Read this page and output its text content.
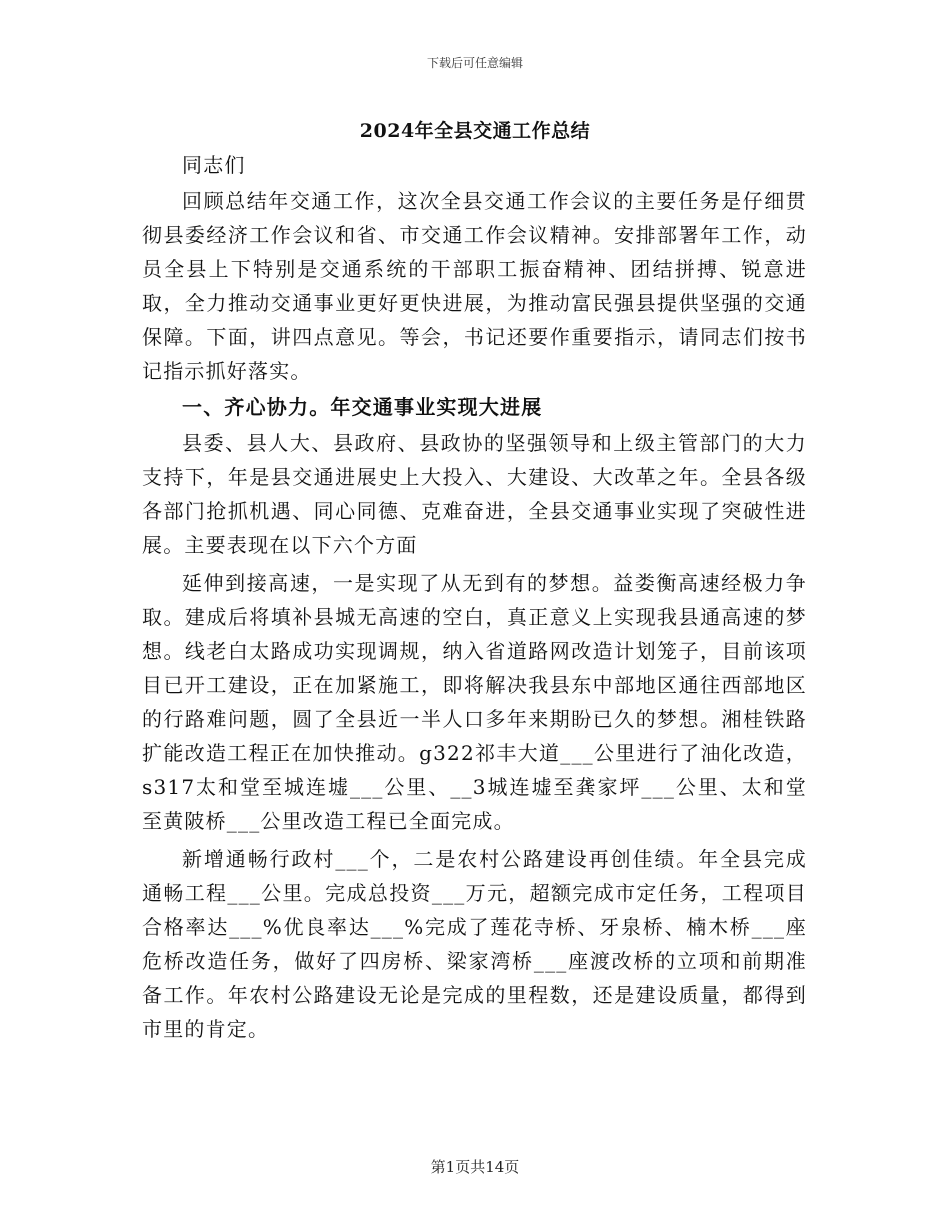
下载后可任意编辑
2024年全县交通工作总结

同志们

回顾总结年交通工作，这次全县交通工作会议的主要任务是仔细贯彻县委经济工作会议和省、市交通工作会议精神。安排部署年工作，动员全县上下特别是交通系统的干部职工振奋精神、团结拼搏、锐意进取，全力推动交通事业更好更快进展，为推动富民强县提供坚强的交通保障。下面，讲四点意见。等会，书记还要作重要指示，请同志们按书记指示抓好落实。

一、齐心协力。年交通事业实现大进展

县委、县人大、县政府、县政协的坚强领导和上级主管部门的大力支持下，年是县交通进展史上大投入、大建设、大改革之年。全县各级各部门抢抓机遇、同心同德、克难奋进，全县交通事业实现了突破性进展。主要表现在以下六个方面

延伸到接高速，一是实现了从无到有的梦想。益娄衡高速经极力争取。建成后将填补县城无高速的空白，真正意义上实现我县通高速的梦想。线老白太路成功实现调规，纳入省道路网改造计划笼子，目前该项目已开工建设，正在加紧施工，即将解决我县东中部地区通往西部地区的行路难问题，圆了全县近一半人口多年来期盼已久的梦想。湘桂铁路扩能改造工程正在加快推动。g322祁丰大道___公里进行了油化改造，s317太和堂至城连墟___公里、__3城连墟至龚家坪___公里、太和堂至黄陂桥___公里改造工程已全面完成。

新增通畅行政村___个，二是农村公路建设再创佳绩。年全县完成通畅工程___公里。完成总投资___万元，超额完成市定任务，工程项目合格率达___%优良率达___%完成了莲花寺桥、牙泉桥、楠木桥___座危桥改造任务，做好了四房桥、梁家湾桥___座渡改桥的立项和前期准备工作。年农村公路建设无论是完成的里程数，还是建设质量，都得到市里的肯定。

第1页共14页
